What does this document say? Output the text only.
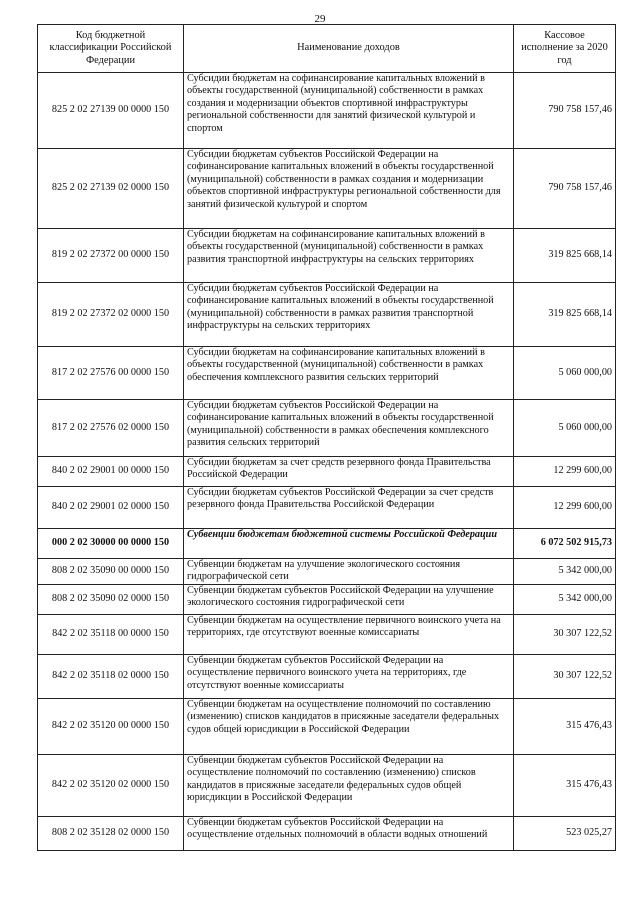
29
Код бюджетной классификации Российской Федерации	Наименование доходов	Кассовое исполнение за 2020 год
825 2 02 27139 00 0000 150	Субсидии бюджетам на софинансирование капитальных вложений в объекты государственной (муниципальной) собственности в рамках создания и модернизации объектов спортивной инфраструктуры региональной собственности для занятий физической культурой и спортом	790 758 157,46
825 2 02 27139 02 0000 150	Субсидии бюджетам субъектов Российской Федерации на софинансирование капитальных вложений в объекты государственной (муниципальной) собственности в рамках создания и модернизации объектов спортивной инфраструктуры региональной собственности для занятий физической культурой и спортом	790 758 157,46
819 2 02 27372 00 0000 150	Субсидии бюджетам на софинансирование капитальных вложений в объекты государственной (муниципальной) собственности в рамках развития транспортной инфраструктуры на сельских территориях	319 825 668,14
819 2 02 27372 02 0000 150	Субсидии бюджетам субъектов Российской Федерации на софинансирование капитальных вложений в объекты государственной (муниципальной) собственности в рамках развития транспортной инфраструктуры на сельских территориях	319 825 668,14
817 2 02 27576 00 0000 150	Субсидии бюджетам на софинансирование капитальных вложений в объекты государственной (муниципальной) собственности в рамках обеспечения комплексного развития сельских территорий	5 060 000,00
817 2 02 27576 02 0000 150	Субсидии бюджетам субъектов Российской Федерации на софинансирование капитальных вложений в объекты государственной (муниципальной) собственности в рамках обеспечения комплексного развития сельских территорий	5 060 000,00
840 2 02 29001 00 0000 150	Субсидии бюджетам за счет средств резервного фонда Правительства Российской Федерации	12 299 600,00
840 2 02 29001 02 0000 150	Субсидии бюджетам субъектов Российской Федерации за счет средств резервного фонда Правительства Российской Федерации	12 299 600,00
000 2 02 30000 00 0000 150	Субвенции бюджетам бюджетной системы Российской Федерации	6 072 502 915,73
808 2 02 35090 00 0000 150	Субвенции бюджетам на улучшение экологического состояния гидрографической сети	5 342 000,00
808 2 02 35090 02 0000 150	Субвенции бюджетам субъектов Российской Федерации на улучшение экологического состояния гидрографической сети	5 342 000,00
842 2 02 35118 00 0000 150	Субвенции бюджетам на осуществление первичного воинского учета на территориях, где отсутствуют военные комиссариаты	30 307 122,52
842 2 02 35118 02 0000 150	Субвенции бюджетам субъектов Российской Федерации на осуществление первичного воинского учета на территориях, где отсутствуют военные комиссариаты	30 307 122,52
842 2 02 35120 00 0000 150	Субвенции бюджетам на осуществление полномочий по составлению (изменению) списков кандидатов в присяжные заседатели федеральных судов общей юрисдикции в Российской Федерации	315 476,43
842 2 02 35120 02 0000 150	Субвенции бюджетам субъектов Российской Федерации на осуществление полномочий по составлению (изменению) списков кандидатов в присяжные заседатели федеральных судов общей юрисдикции в Российской Федерации	315 476,43
808 2 02 35128 02 0000 150	Субвенции бюджетам субъектов Российской Федерации на осуществление отдельных полномочий в области водных отношений	523 025,27
